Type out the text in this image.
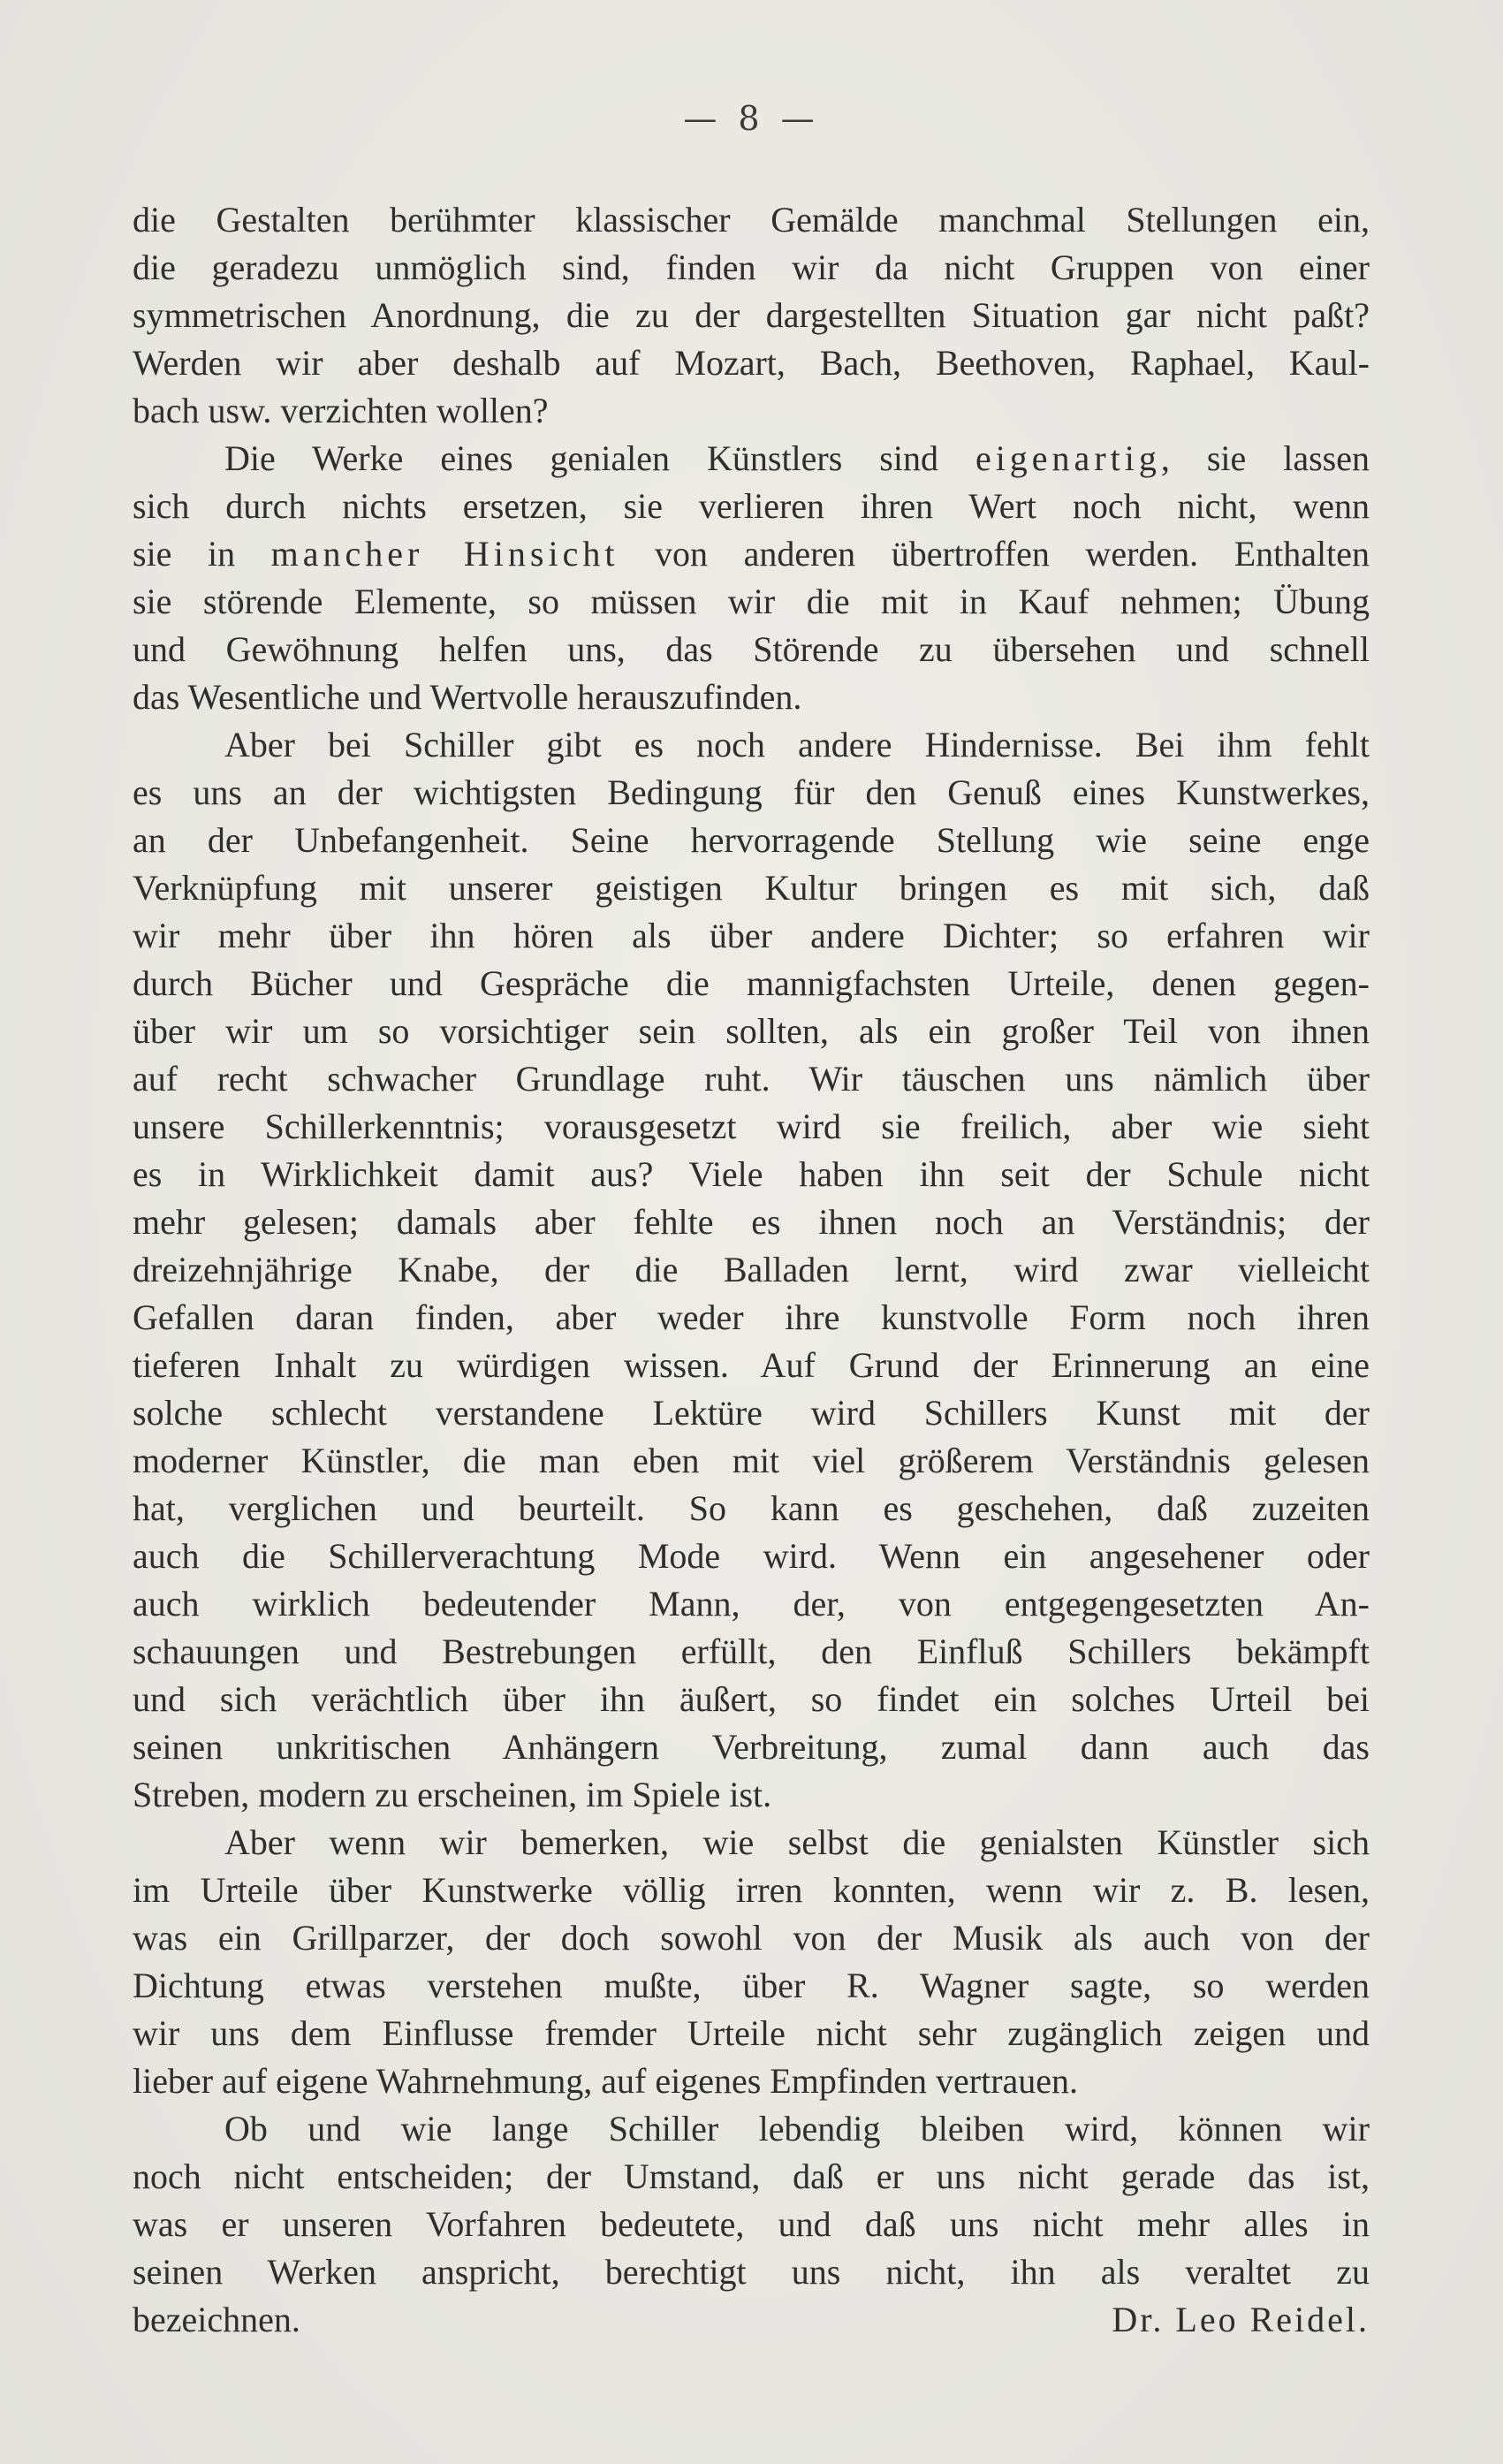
— 8 —
die Gestalten berühmter klassischer Gemälde manchmal Stellungen ein,
die geradezu unmöglich sind, finden wir da nicht Gruppen von einer
symmetrischen Anordnung, die zu der dargestellten Situation gar nicht paßt?
Werden wir aber deshalb auf Mozart, Bach, Beethoven, Raphael, Kaul-
bach usw. verzichten wollen?
Die Werke eines genialen Künstlers sind eigenartig, sie lassen
sich durch nichts ersetzen, sie verlieren ihren Wert noch nicht, wenn
sie in mancher Hinsicht von anderen übertroffen werden. Enthalten
sie störende Elemente, so müssen wir die mit in Kauf nehmen; Übung
und Gewöhnung helfen uns, das Störende zu übersehen und schnell
das Wesentliche und Wertvolle herauszufinden.
Aber bei Schiller gibt es noch andere Hindernisse. Bei ihm fehlt
es uns an der wichtigsten Bedingung für den Genuß eines Kunstwerkes,
an der Unbefangenheit. Seine hervorragende Stellung wie seine enge
Verknüpfung mit unserer geistigen Kultur bringen es mit sich, daß
wir mehr über ihn hören als über andere Dichter; so erfahren wir
durch Bücher und Gespräche die mannigfachsten Urteile, denen gegen-
über wir um so vorsichtiger sein sollten, als ein großer Teil von ihnen
auf recht schwacher Grundlage ruht. Wir täuschen uns nämlich über
unsere Schillerkenntnis; vorausgesetzt wird sie freilich, aber wie sieht
es in Wirklichkeit damit aus? Viele haben ihn seit der Schule nicht
mehr gelesen; damals aber fehlte es ihnen noch an Verständnis; der
dreizehnjährige Knabe, der die Balladen lernt, wird zwar vielleicht
Gefallen daran finden, aber weder ihre kunstvolle Form noch ihren
tieferen Inhalt zu würdigen wissen. Auf Grund der Erinnerung an eine
solche schlecht verstandene Lektüre wird Schillers Kunst mit der
moderner Künstler, die man eben mit viel größerem Verständnis gelesen
hat, verglichen und beurteilt. So kann es geschehen, daß zuzeiten
auch die Schillerverachtung Mode wird. Wenn ein angesehener oder
auch wirklich bedeutender Mann, der, von entgegengesetzten An-
schauungen und Bestrebungen erfüllt, den Einfluß Schillers bekämpft
und sich verächtlich über ihn äußert, so findet ein solches Urteil bei
seinen unkritischen Anhängern Verbreitung, zumal dann auch das
Streben, modern zu erscheinen, im Spiele ist.
Aber wenn wir bemerken, wie selbst die genialsten Künstler sich
im Urteile über Kunstwerke völlig irren konnten, wenn wir z. B. lesen,
was ein Grillparzer, der doch sowohl von der Musik als auch von der
Dichtung etwas verstehen mußte, über R. Wagner sagte, so werden
wir uns dem Einflusse fremder Urteile nicht sehr zugänglich zeigen und
lieber auf eigene Wahrnehmung, auf eigenes Empfinden vertrauen.
Ob und wie lange Schiller lebendig bleiben wird, können wir
noch nicht entscheiden; der Umstand, daß er uns nicht gerade das ist,
was er unseren Vorfahren bedeutete, und daß uns nicht mehr alles in
seinen Werken anspricht, berechtigt uns nicht, ihn als veraltet zu
bezeichnen.	Dr. Leo Reidel.
